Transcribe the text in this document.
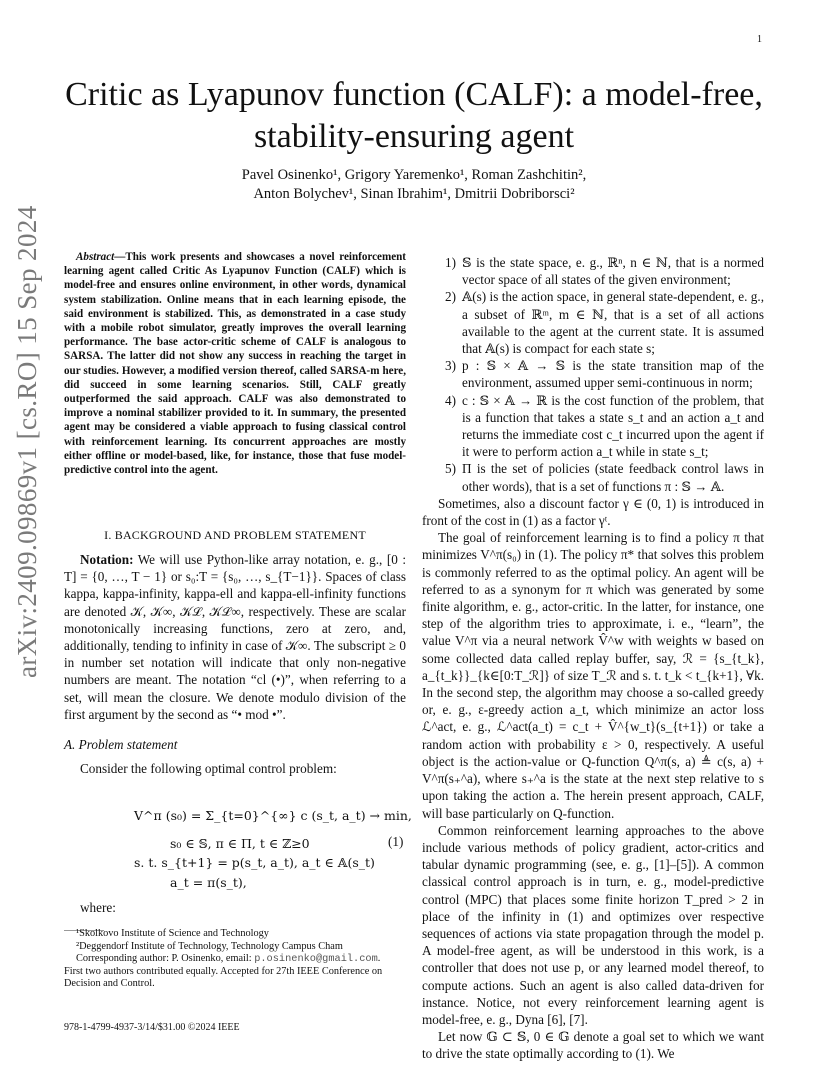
1
arXiv:2409.09869v1 [cs.RO] 15 Sep 2024
Critic as Lyapunov function (CALF): a model-free,
stability-ensuring agent
Pavel Osinenko¹, Grigory Yaremenko¹, Roman Zashchitin²,
Anton Bolychev¹, Sinan Ibrahim¹, Dmitrii Dobriborsci²

Abstract—This work presents and showcases a novel reinforcement learning agent called Critic As Lyapunov Function (CALF) which is model-free and ensures online environment, in other words, dynamical system stabilization. Online means that in each learning episode, the said environment is stabilized. This, as demonstrated in a case study with a mobile robot simulator, greatly improves the overall learning performance. The base actor-critic scheme of CALF is analogous to SARSA. The latter did not show any success in reaching the target in our studies. However, a modified version thereof, called SARSA-m here, did succeed in some learning scenarios. Still, CALF greatly outperformed the said approach. CALF was also demonstrated to improve a nominal stabilizer provided to it. In summary, the presented agent may be considered a viable approach to fusing classical control with reinforcement learning. Its concurrent approaches are mostly either offline or model-based, like, for instance, those that fuse model-predictive control into the agent.

I. BACKGROUND AND PROBLEM STATEMENT

Notation: We will use Python-like array notation, e. g., [0 : T] = {0, …, T − 1} or s₀:T = {s₀, …, s_{T−1}}. Spaces of class kappa, kappa-infinity, kappa-ell and kappa-ell-infinity functions are denoted 𝒦, 𝒦∞, 𝒦ℒ, 𝒦ℒ∞, respectively. These are scalar monotonically increasing functions, zero at zero, and, additionally, tending to infinity in case of 𝒦∞. The subscript ≥ 0 in number set notation will indicate that only non-negative numbers are meant. The notation “cl (•)”, when referring to a set, will mean the closure. We denote modulo division of the first argument by the second as “• mod •”.

A. Problem statement

Consider the following optimal control problem:

V^π (s₀) = Σ_{t=0}^{∞} c (s_t, a_t) → min,
s₀ ∈ 𝕊, π ∈ Π, t ∈ ℤ≥0
s. t. s_{t+1} = p(s_t, a_t), a_t ∈ 𝔸(s_t)
a_t = π(s_t),
(1)
where:

¹Skolkovo Institute of Science and Technology

²Deggendorf Institute of Technology, Technology Campus Cham

Corresponding author: P. Osinenko, email: p.osinenko@gmail.com.

First two authors contributed equally. Accepted for 27th IEEE Conference on Decision and Control.

978-1-4799-4937-3/14/$31.00 ©2024 IEEE
1) 𝕊 is the state space, e. g., ℝⁿ, n ∈ ℕ, that is a normed vector space of all states of the given environment;
2) 𝔸(s) is the action space, in general state-dependent, e. g., a subset of ℝᵐ, m ∈ ℕ, that is a set of all actions available to the agent at the current state. It is assumed that 𝔸(s) is compact for each state s;
3) p : 𝕊 × 𝔸 → 𝕊 is the state transition map of the environment, assumed upper semi-continuous in norm;
4) c : 𝕊 × 𝔸 → ℝ is the cost function of the problem, that is a function that takes a state s_t and an action a_t and returns the immediate cost c_t incurred upon the agent if it were to perform action a_t while in state s_t;
5) Π is the set of policies (state feedback control laws in other words), that is a set of functions π : 𝕊 → 𝔸.

Sometimes, also a discount factor γ ∈ (0, 1) is introduced in front of the cost in (1) as a factor γᵗ.

The goal of reinforcement learning is to find a policy π that minimizes V^π(s₀) in (1). The policy π* that solves this problem is commonly referred to as the optimal policy. An agent will be referred to as a synonym for π which was generated by some finite algorithm, e. g., actor-critic. In the latter, for instance, one step of the algorithm tries to approximate, i. e., “learn”, the value V^π via a neural network V̂^w with weights w based on some collected data called replay buffer, say, ℛ = {s_{t_k}, a_{t_k}}_{k∈[0:T_ℛ]} of size T_ℛ and s. t. t_k < t_{k+1}, ∀k. In the second step, the algorithm may choose a so-called greedy or, e. g., ε-greedy action a_t, which minimize an actor loss ℒ^act, e. g., ℒ^act(a_t) = c_t + V̂^{w_t}(s_{t+1}) or take a random action with probability ε > 0, respectively. A useful object is the action-value or Q-function Q^π(s, a) ≜ c(s, a) + V^π(s₊^a), where s₊^a is the state at the next step relative to s upon taking the action a. The herein present approach, CALF, will base particularly on Q-function.

Common reinforcement learning approaches to the above include various methods of policy gradient, actor-critics and tabular dynamic programming (see, e. g., [1]–[5]). A common classical control approach is in turn, e. g., model-predictive control (MPC) that places some finite horizon T_pred > 2 in place of the infinity in (1) and optimizes over respective sequences of actions via state propagation through the model p. A model-free agent, as will be understood in this work, is a controller that does not use p, or any learned model thereof, to compute actions. Such an agent is also called data-driven for instance. Notice, not every reinforcement learning agent is model-free, e. g., Dyna [6], [7].

Let now 𝔾 ⊂ 𝕊, 0 ∈ 𝔾 denote a goal set to which we want to drive the state optimally according to (1). We
